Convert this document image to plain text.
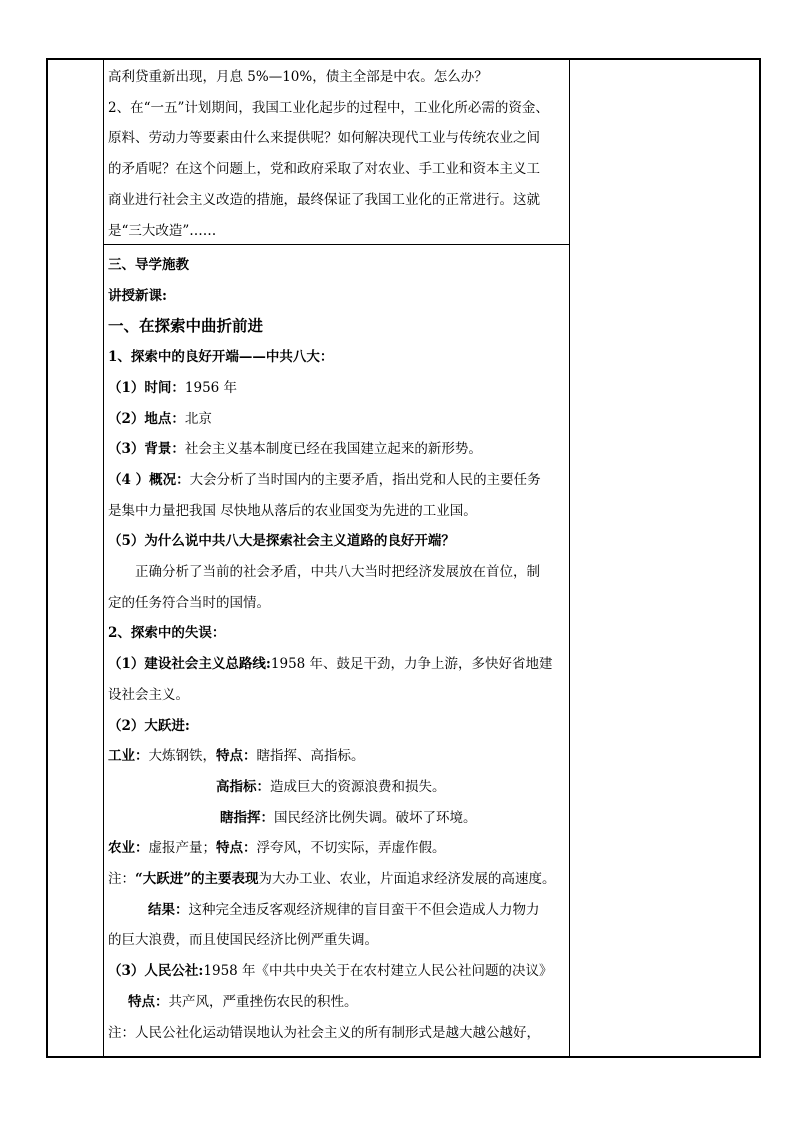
高利贷重新出现，月息 5%—10%，债主全部是中农。怎么办？

2、在“一五”计划期间，我国工业化起步的过程中，工业化所必需的资金、

原料、劳动力等要素由什么来提供呢？如何解决现代工业与传统农业之间

的矛盾呢？在这个问题上，党和政府采取了对农业、手工业和资本主义工

商业进行社会主义改造的措施，最终保证了我国工业化的正常进行。这就

是“三大改造”……

三、导学施教

讲授新课:

一、在探索中曲折前进

1、探索中的良好开端——中共八大：

（1）时间：1956 年

（2）地点：北京

（3）背景：社会主义基本制度已经在我国建立起来的新形势。

（4 ）概况：大会分析了当时国内的主要矛盾，指出党和人民的主要任务

是集中力量把我国 尽快地从落后的农业国变为先进的工业国。

（5）为什么说中共八大是探索社会主义道路的良好开端？

正确分析了当前的社会矛盾，中共八大当时把经济发展放在首位，制

定的任务符合当时的国情。

2、探索中的失误：

（1）建设社会主义总路线:1958 年、鼓足干劲，力争上游，多快好省地建

设社会主义。

（2）大跃进:

工业：大炼钢铁，特点：瞎指挥、高指标。

高指标：造成巨大的资源浪费和损失。

瞎指挥：国民经济比例失调。破坏了环境。

农业：虚报产量；特点：浮夸风，不切实际，弄虚作假。

注：“大跃进”的主要表现为大办工业、农业，片面追求经济发展的高速度。

结果：这种完全违反客观经济规律的盲目蛮干不但会造成人力物力

的巨大浪费，而且使国民经济比例严重失调。

（3）人民公社:1958 年《中共中央关于在农村建立人民公社问题的决议》

特点：共产风，严重挫伤农民的积性。

注：人民公社化运动错误地认为社会主义的所有制形式是越大越公越好，
